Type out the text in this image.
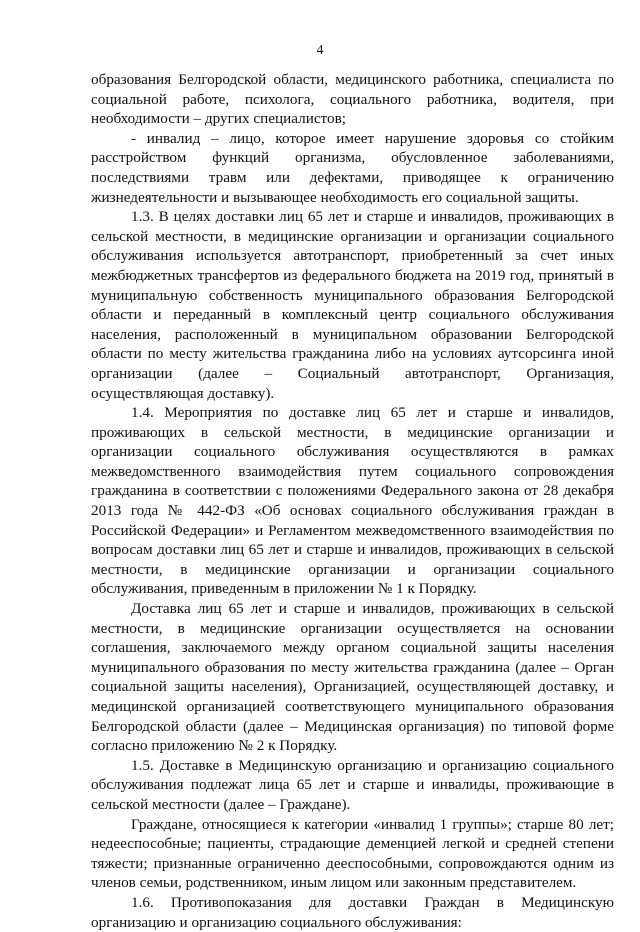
4

образования Белгородской области, медицинского работника, специалиста по социальной работе, психолога, социального работника, водителя, при необходимости – других специалистов;

- инвалид – лицо, которое имеет нарушение здоровья со стойким расстройством функций организма, обусловленное заболеваниями, последствиями травм или дефектами, приводящее к ограничению жизнедеятельности и вызывающее необходимость его социальной защиты.

1.3. В целях доставки лиц 65 лет и старше и инвалидов, проживающих в сельской местности, в медицинские организации и организации социального обслуживания используется автотранспорт, приобретенный за счет иных межбюджетных трансфертов из федерального бюджета на 2019 год, принятый в муниципальную собственность муниципального образования Белгородской области и переданный в комплексный центр социального обслуживания населения, расположенный в муниципальном образовании Белгородской области по месту жительства гражданина либо на условиях аутсорсинга иной организации (далее – Социальный автотранспорт, Организация, осуществляющая доставку).

1.4. Мероприятия по доставке лиц 65 лет и старше и инвалидов, проживающих в сельской местности, в медицинские организации и организации социального обслуживания осуществляются в рамках межведомственного взаимодействия путем социального сопровождения гражданина в соответствии с положениями Федерального закона от 28 декабря 2013 года № 442-ФЗ «Об основах социального обслуживания граждан в Российской Федерации» и Регламентом межведомственного взаимодействия по вопросам доставки лиц 65 лет и старше и инвалидов, проживающих в сельской местности, в медицинские организации и организации социального обслуживания, приведенным в приложении № 1 к Порядку.

Доставка лиц 65 лет и старше и инвалидов, проживающих в сельской местности, в медицинские организации осуществляется на основании соглашения, заключаемого между органом социальной защиты населения муниципального образования по месту жительства гражданина (далее – Орган социальной защиты населения), Организацией, осуществляющей доставку, и медицинской организацией соответствующего муниципального образования Белгородской области (далее – Медицинская организация) по типовой форме согласно приложению № 2 к Порядку.

1.5. Доставке в Медицинскую организацию и организацию социального обслуживания подлежат лица 65 лет и старше и инвалиды, проживающие в сельской местности (далее – Граждане).

Граждане, относящиеся к категории «инвалид 1 группы»; старше 80 лет; недееспособные; пациенты, страдающие деменцией легкой и средней степени тяжести; признанные ограниченно дееспособными, сопровождаются одним из членов семьи, родственником, иным лицом или законным представителем.

1.6. Противопоказания для доставки Граждан в Медицинскую организацию и организацию социального обслуживания:
